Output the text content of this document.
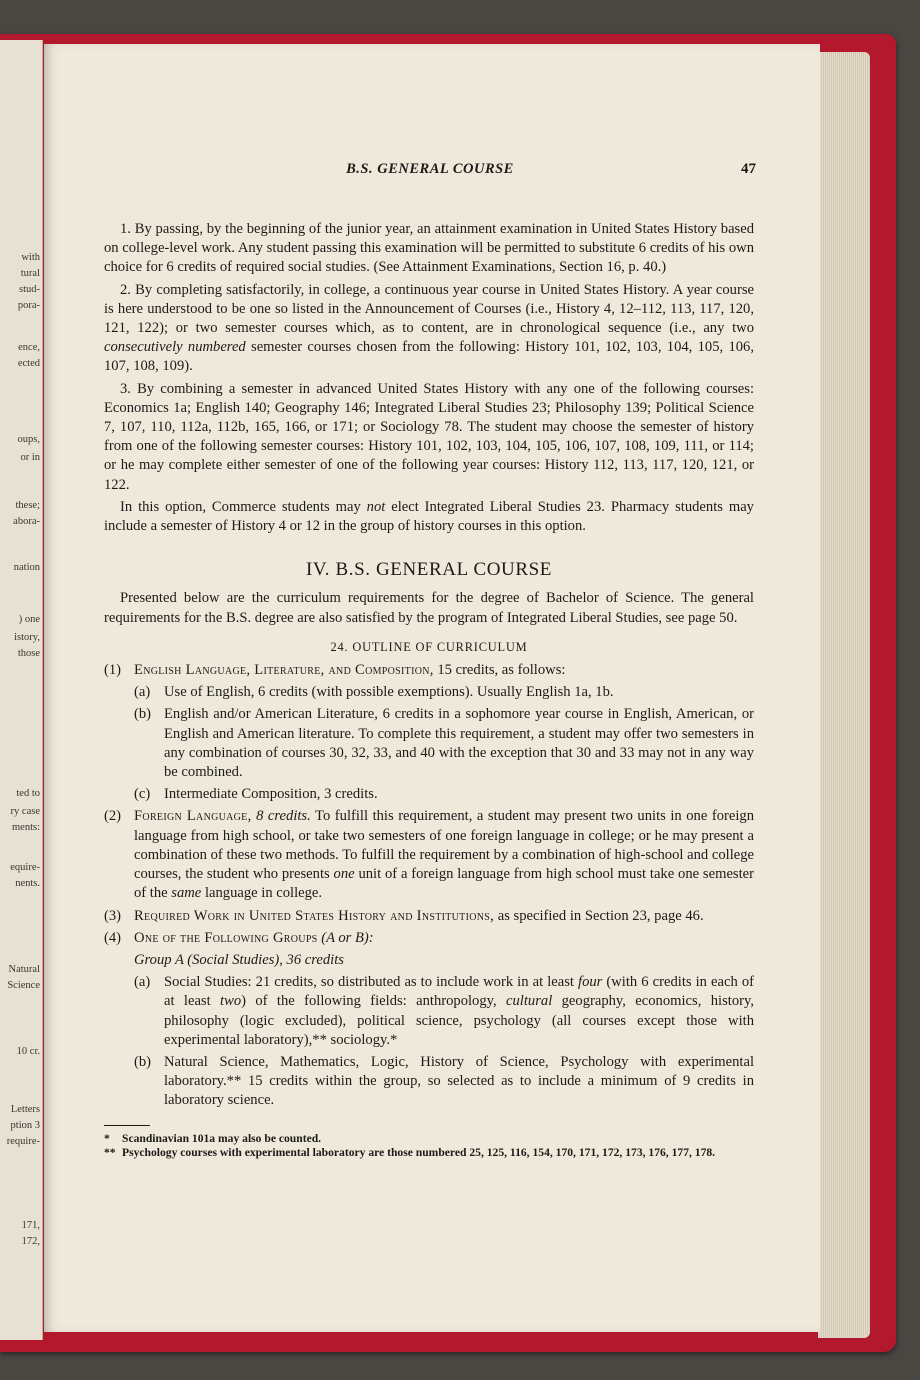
with
tural
stud-
pora-
ence,
ected
oups,
or in
these;
abora-
nation
) one
istory,
those
ted to
ry case
ments:
equire-
nents.
Natural
Science
10 cr.
Letters
ption 3
require-
171, 172,
B.S. GENERAL COURSE	47

1. By passing, by the beginning of the junior year, an attainment examination in United States History based on college-level work. Any student passing this examination will be permitted to substitute 6 credits of his own choice for 6 credits of required social studies. (See Attainment Examinations, Section 16, p. 40.)

2. By completing satisfactorily, in college, a continuous year course in United States History. A year course is here understood to be one so listed in the Announcement of Courses (i.e., History 4, 12–112, 113, 117, 120, 121, 122); or two semester courses which, as to content, are in chronological sequence (i.e., any two consecutively numbered semester courses chosen from the following: History 101, 102, 103, 104, 105, 106, 107, 108, 109).

3. By combining a semester in advanced United States History with any one of the following courses: Economics 1a; English 140; Geography 146; Integrated Liberal Studies 23; Philosophy 139; Political Science 7, 107, 110, 112a, 112b, 165, 166, or 171; or Sociology 78. The student may choose the semester of history from one of the following semester courses: History 101, 102, 103, 104, 105, 106, 107, 108, 109, 111, or 114; or he may complete either semester of one of the following year courses: History 112, 113, 117, 120, 121, or 122.

In this option, Commerce students may not elect Integrated Liberal Studies 23. Pharmacy students may include a semester of History 4 or 12 in the group of history courses in this option.

IV. B.S. GENERAL COURSE

Presented below are the curriculum requirements for the degree of Bachelor of Science. The general requirements for the B.S. degree are also satisfied by the program of Integrated Liberal Studies, see page 50.

24. OUTLINE OF CURRICULUM
(1) English Language, Literature, and Composition, 15 credits, as follows:
(a) Use of English, 6 credits (with possible exemptions). Usually English 1a, 1b.
(b) English and/or American Literature, 6 credits in a sophomore year course in English, American, or English and American literature. To complete this requirement, a student may offer two semesters in any combination of courses 30, 32, 33, and 40 with the exception that 30 and 33 may not in any way be combined.
(c) Intermediate Composition, 3 credits.
(2) Foreign Language, 8 credits. To fulfill this requirement, a student may present two units in one foreign language from high school, or take two semesters of one foreign language in college; or he may present a combination of these two methods. To fulfill the requirement by a combination of high-school and college courses, the student who presents one unit of a foreign language from high school must take one semester of the same language in college.
(3) Required Work in United States History and Institutions, as specified in Section 23, page 46.
(4) One of the Following Groups (A or B):
Group A (Social Studies), 36 credits
(a) Social Studies: 21 credits, so distributed as to include work in at least four (with 6 credits in each of at least two) of the following fields: anthropology, cultural geography, economics, history, philosophy (logic excluded), political science, psychology (all courses except those with experimental laboratory),** sociology.*
(b) Natural Science, Mathematics, Logic, History of Science, Psychology with experimental laboratory.** 15 credits within the group, so selected as to include a minimum of 9 credits in laboratory science.
* Scandinavian 101a may also be counted.
** Psychology courses with experimental laboratory are those numbered 25, 125, 116, 154, 170, 171, 172, 173, 176, 177, 178.
